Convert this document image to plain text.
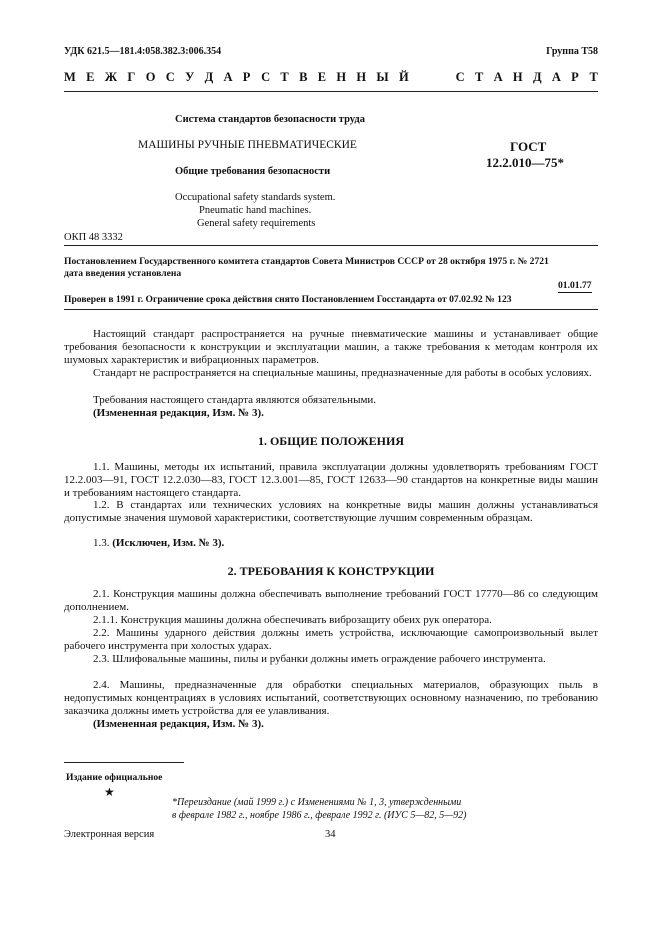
УДК 621.5—181.4:058.382.3:006.354	Группа Т58
М Е Ж Г О С У Д А Р С Т В Е Н Н Ы Й	С Т А Н Д А Р Т
Система стандартов безопасности труда
МАШИНЫ РУЧНЫЕ ПНЕВМАТИЧЕСКИЕ
Общие требования безопасности
Occupational safety standards system.
Pneumatic hand machines.
General safety requirements
ГОСТ
12.2.010—75*
ОКП 48 3332
Постановлением Государственного комитета стандартов Совета Министров СССР от 28 октября 1975 г. № 2721
дата введения установлена
01.01.77
Проверен в 1991 г. Ограничение срока действия снято Постановлением Госстандарта от 07.02.92 № 123
Настоящий стандарт распространяется на ручные пневматические машины и устанавливает общие требования безопасности к конструкции и эксплуатации машин, а также требования к методам контроля их шумовых характеристик и вибрационных параметров.
Стандарт не распространяется на специальные машины, предназначенные для работы в особых условиях.
Требования настоящего стандарта являются обязательными.
(Измененная редакция, Изм. № 3).
1. ОБЩИЕ ПОЛОЖЕНИЯ
1.1. Машины, методы их испытаний, правила эксплуатации должны удовлетворять требованиям ГОСТ 12.2.003—91, ГОСТ 12.2.030—83, ГОСТ 12.3.001—85, ГОСТ 12633—90 стандартов на конкретные виды машин и требованиям настоящего стандарта.
1.2. В стандартах или технических условиях на конкретные виды машин должны устанавливаться допустимые значения шумовой характеристики, соответствующие лучшим современным образцам.
1.3. (Исключен, Изм. № 3).
2. ТРЕБОВАНИЯ К КОНСТРУКЦИИ
2.1. Конструкция машины должна обеспечивать выполнение требований ГОСТ 17770—86 со следующим дополнением.
2.1.1. Конструкция машины должна обеспечивать виброзащиту обеих рук оператора.
2.2. Машины ударного действия должны иметь устройства, исключающие самопроизвольный вылет рабочего инструмента при холостых ударах.
2.3. Шлифовальные машины, пилы и рубанки должны иметь ограждение рабочего инструмента.
2.4. Машины, предназначенные для обработки специальных материалов, образующих пыль в недопустимых концентрациях в условиях испытаний, соответствующих основному назначению, по требованию заказчика должны иметь устройства для ее улавливания.
(Измененная редакция, Изм. № 3).
Издание официальное
★
*Переиздание (май 1999 г.) с Изменениями № 1, 3, утвержденными
в феврале 1982 г., ноябре 1986 г., феврале 1992 г. (ИУС 5—82, 5—92)
Электронная версия	34
